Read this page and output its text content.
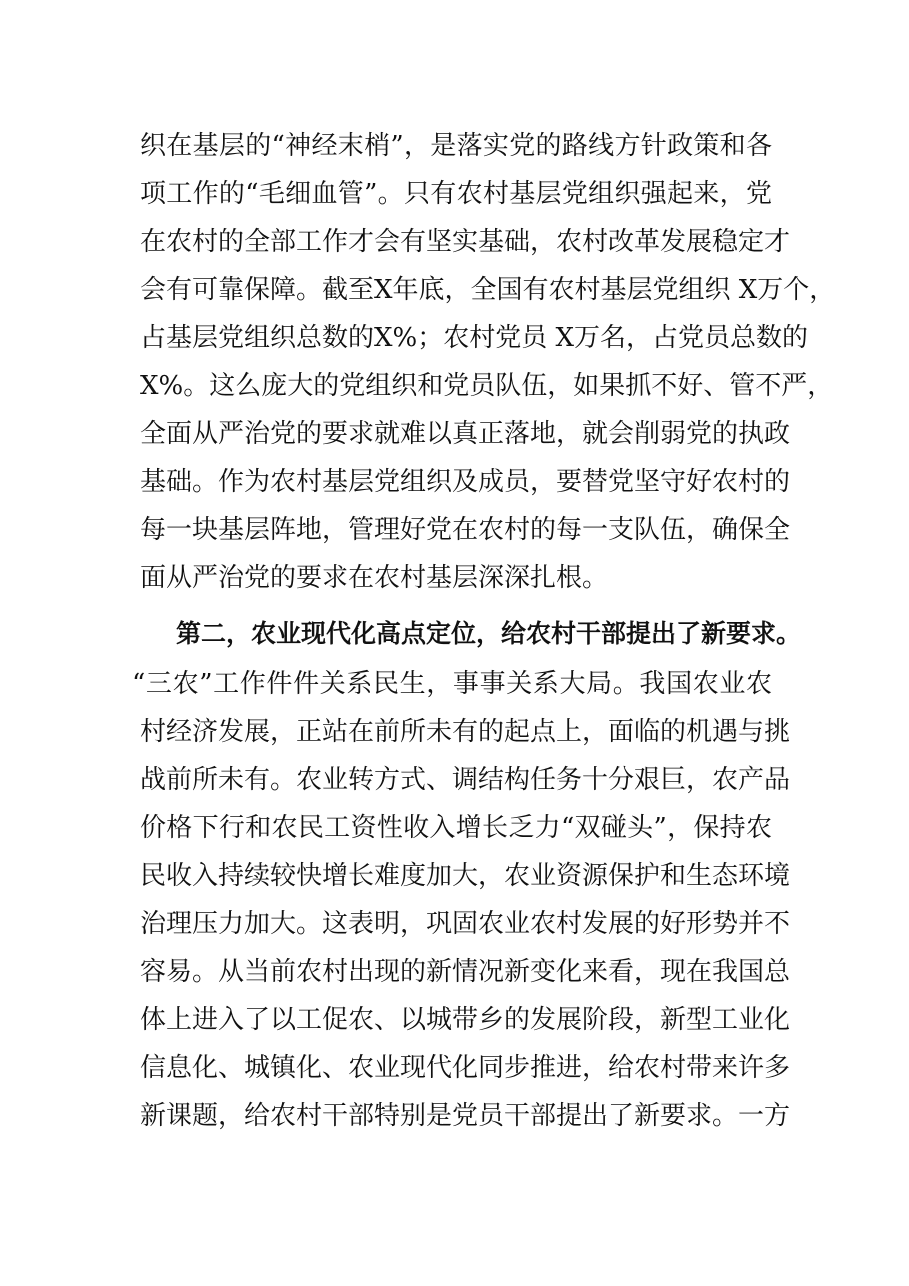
织在基层的“神经末梢”，是落实党的路线方针政策和各
项工作的“毛细血管”。只有农村基层党组织强起来，党
在农村的全部工作才会有坚实基础，农村改革发展稳定才
会有可靠保障。截至X年底，全国有农村基层党组织 X万个，
占基层党组织总数的X%；农村党员 X万名，占党员总数的
X%。这么庞大的党组织和党员队伍，如果抓不好、管不严，
全面从严治党的要求就难以真正落地，就会削弱党的执政
基础。作为农村基层党组织及成员，要替党坚守好农村的
每一块基层阵地，管理好党在农村的每一支队伍，确保全
面从严治党的要求在农村基层深深扎根。
第二，农业现代化高点定位，给农村干部提出了新要求。
“三农”工作件件关系民生，事事关系大局。我国农业农
村经济发展，正站在前所未有的起点上，面临的机遇与挑
战前所未有。农业转方式、调结构任务十分艰巨，农产品
价格下行和农民工资性收入增长乏力“双碰头”，保持农
民收入持续较快增长难度加大，农业资源保护和生态环境
治理压力加大。这表明，巩固农业农村发展的好形势并不
容易。从当前农村出现的新情况新变化来看，现在我国总
体上进入了以工促农、以城带乡的发展阶段，新型工业化
信息化、城镇化、农业现代化同步推进，给农村带来许多
新课题，给农村干部特别是党员干部提出了新要求。一方
